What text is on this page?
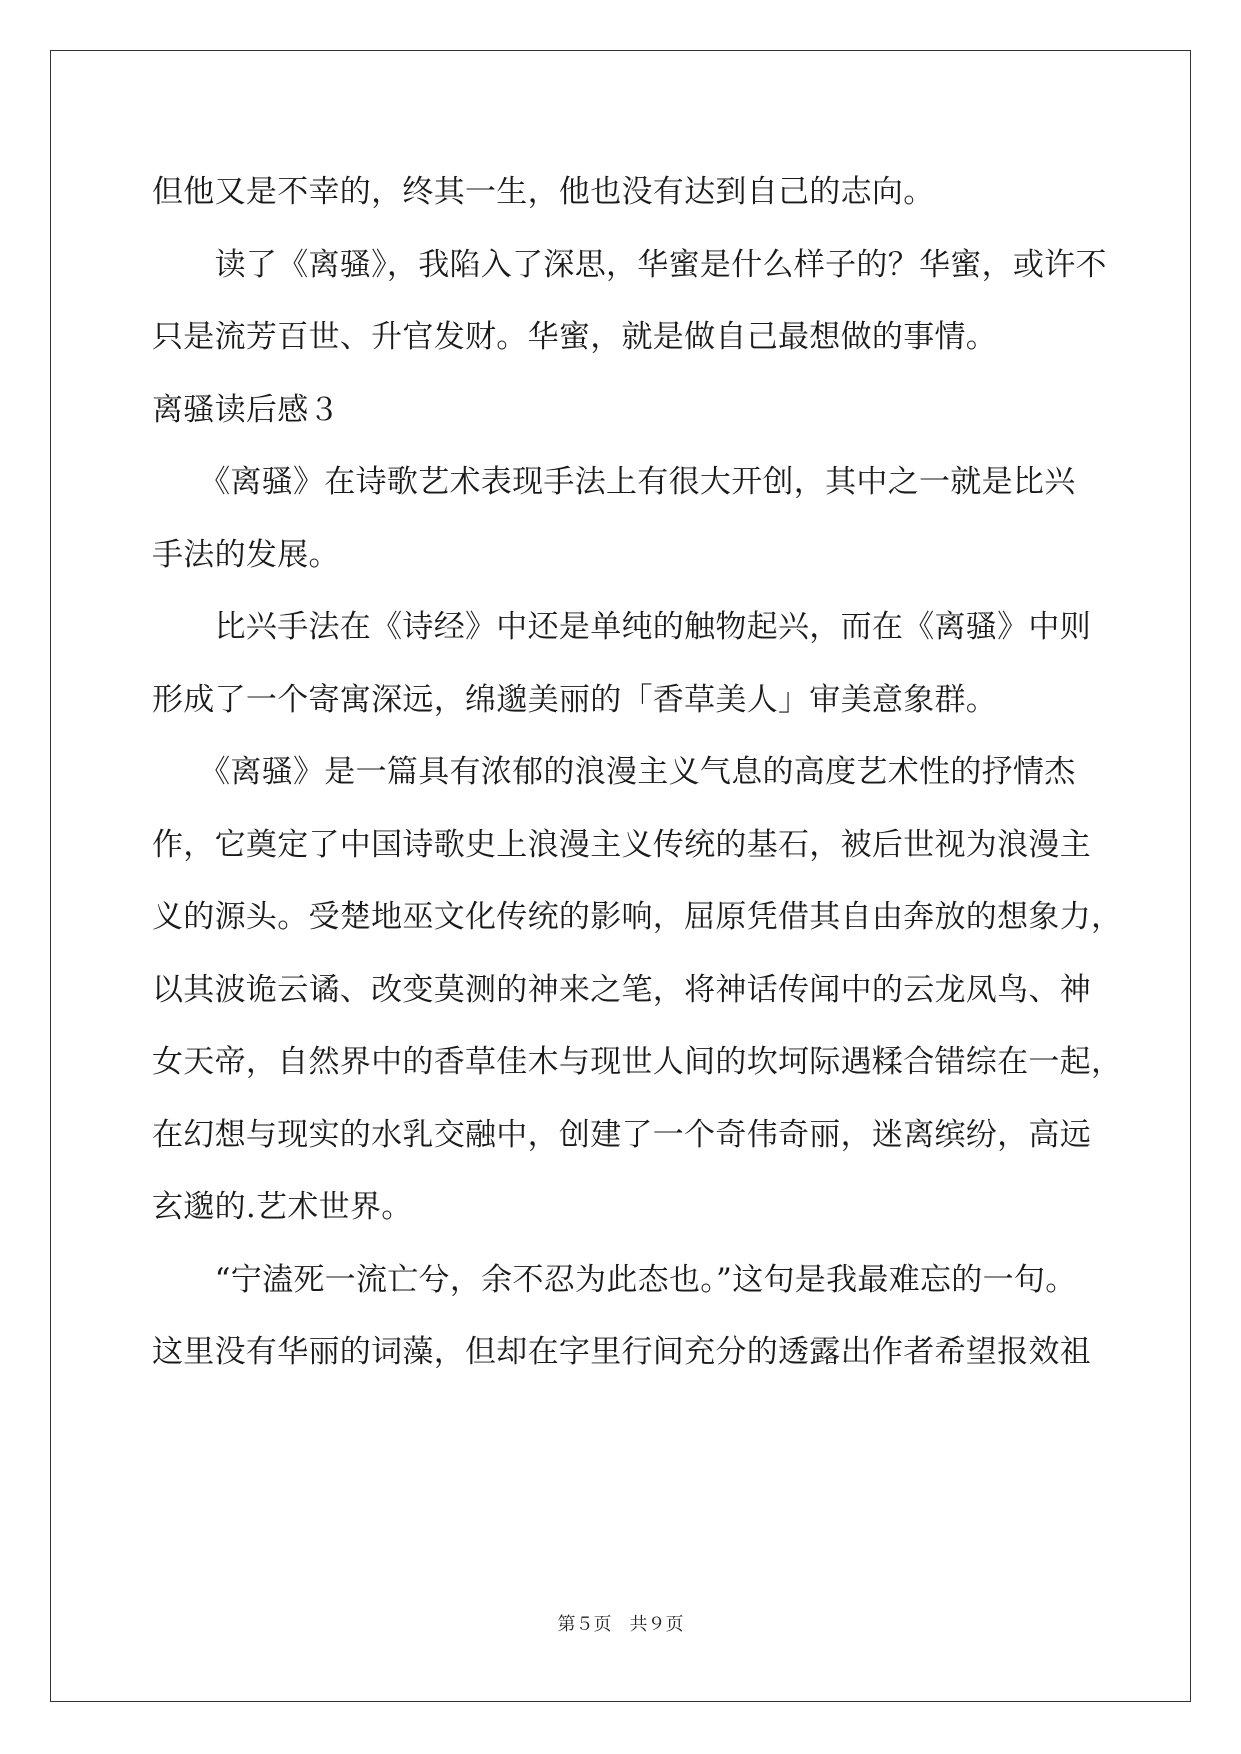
但他又是不幸的，终其一生，他也没有达到自己的志向。
　　读了《离骚》，我陷入了深思，华蜜是什么样子的？华蜜，或许不
只是流芳百世、升官发财。华蜜，就是做自己最想做的事情。
离骚读后感３
　　《离骚》在诗歌艺术表现手法上有很大开创，其中之一就是比兴
手法的发展。
　　比兴手法在《诗经》中还是单纯的触物起兴，而在《离骚》中则
形成了一个寄寓深远，绵邈美丽的「香草美人」审美意象群。
　　《离骚》是一篇具有浓郁的浪漫主义气息的高度艺术性的抒情杰
作，它奠定了中国诗歌史上浪漫主义传统的基石，被后世视为浪漫主
义的源头。受楚地巫文化传统的影响，屈原凭借其自由奔放的想象力，
以其波诡云谲、改变莫测的神来之笔，将神话传闻中的云龙凤鸟、神
女天帝，自然界中的香草佳木与现世人间的坎坷际遇糅合错综在一起，
在幻想与现实的水乳交融中，创建了一个奇伟奇丽，迷离缤纷，高远
玄邈的.艺术世界。
　　“宁溘死一流亡兮，余不忍为此态也。”这句是我最难忘的一句。
这里没有华丽的词藻，但却在字里行间充分的透露出作者希望报效祖
第５页　共９页
